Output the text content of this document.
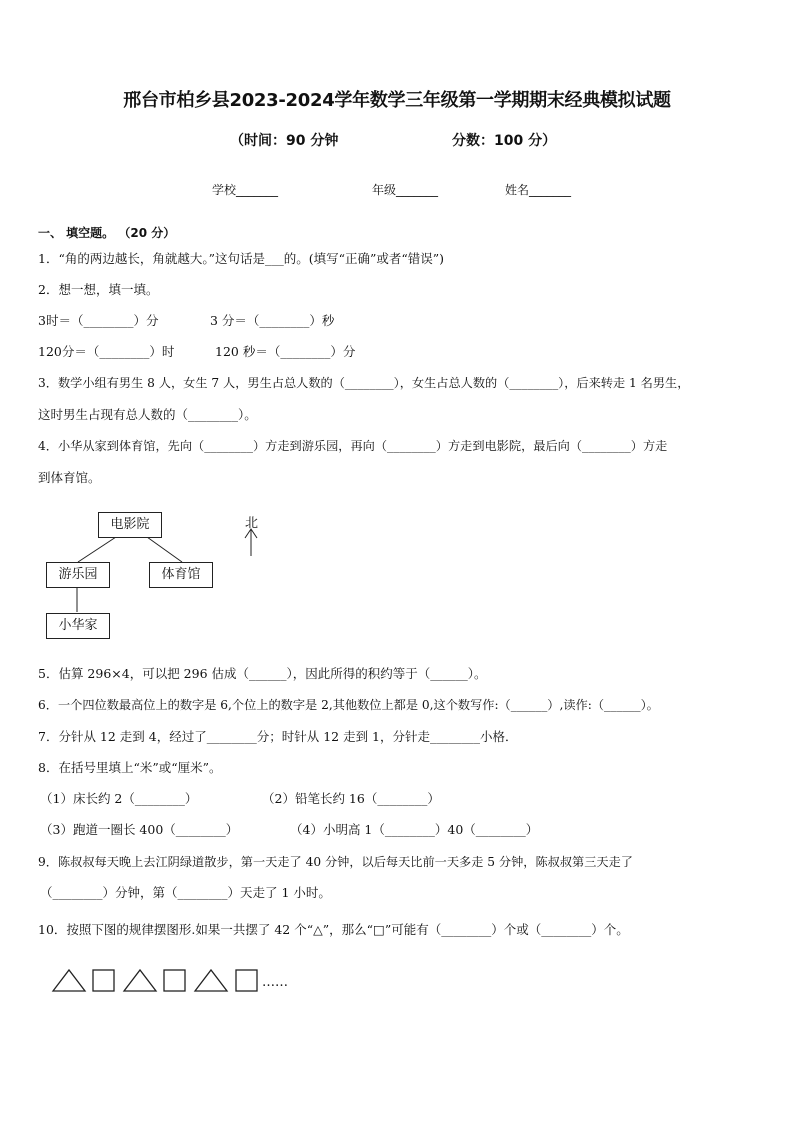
邢台市柏乡县2023-2024学年数学三年级第一学期期末经典模拟试题
（时间：90 分钟	分数：100 分）
学校_______	年级_______	姓名_______
一、 填空题。 （20 分）
1．“角的两边越长，角就越大。”这句话是___的。(填写“正确”或者“错误”)
2．想一想，填一填。
3时＝（________）分	3 分＝（________）秒
120分＝（________）时	120 秒＝（________）分
3．数学小组有男生 8 人，女生 7 人，男生占总人数的（________），女生占总人数的（________），后来转走 1 名男生，
这时男生占现有总人数的（________）。
4．小华从家到体育馆，先向（________）方走到游乐园，再向（________）方走到电影院，最后向（________）方走
到体育馆。
电影院
游乐园	体育馆
小华家
北
5．估算 296×4，可以把 296 估成（______），因此所得的积约等于（______）。
6．一个四位数最高位上的数字是 6,个位上的数字是 2,其他数位上都是 0,这个数写作:（______）,读作:（______）。
7．分针从 12 走到 4，经过了________分；时针从 12 走到 1，分针走________小格．
8．在括号里填上“米”或“厘米”。
（1）床长约 2（________）	（2）铅笔长约 16（________）
（3）跑道一圈长 400（________）	（4）小明高 1（________）40（________）
9．陈叔叔每天晚上去江阴绿道散步，第一天走了 40 分钟，以后每天比前一天多走 5 分钟，陈叔叔第三天走了
（________）分钟，第（________）天走了 1 小时。
10．按照下图的规律摆图形.如果一共摆了 42 个“△”，那么“□”可能有（________）个或（________）个。
……
